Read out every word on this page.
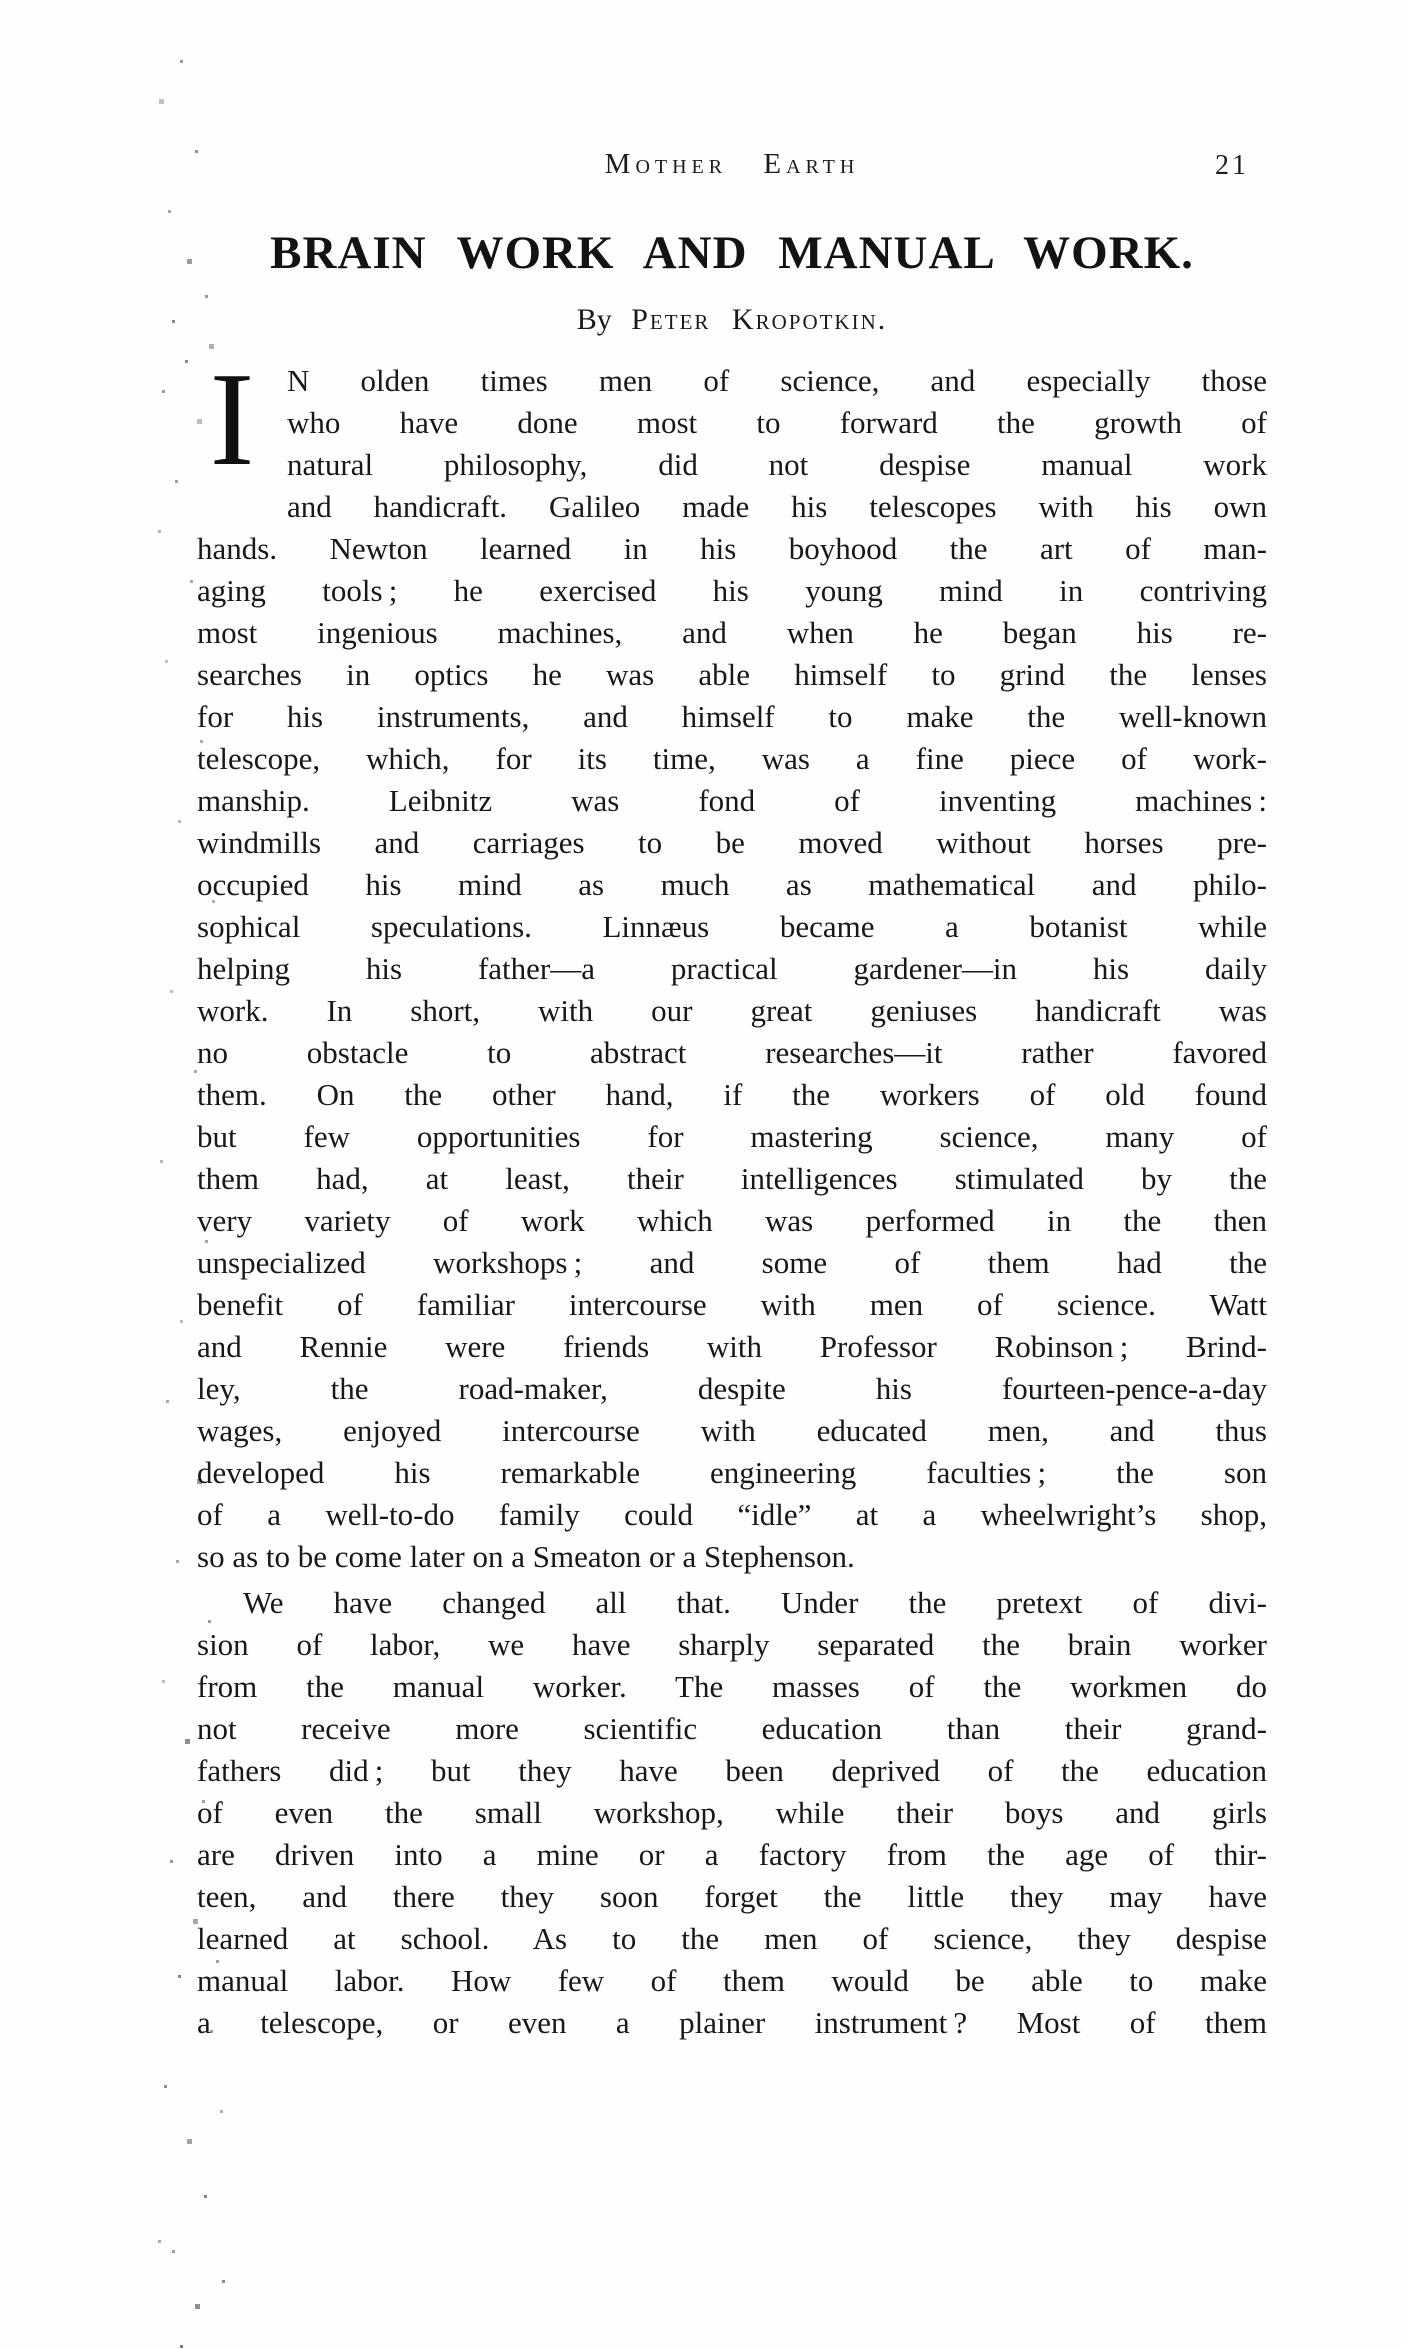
Mother Earth	21
BRAIN WORK AND MANUAL WORK.
By Peter Kropotkin.
I	N olden times men of science, and especially those
who have done most to forward the growth of
natural philosophy, did not despise manual work
and handicraft. Galileo made his telescopes with his own
hands. Newton learned in his boyhood the art of man-
aging tools ; he exercised his young mind in contriving
most ingenious machines, and when he began his re-
searches in optics he was able himself to grind the lenses
for his instruments, and himself to make the well-known
telescope, which, for its time, was a fine piece of work-
manship. Leibnitz was fond of inventing machines :
windmills and carriages to be moved without horses pre-
occupied his mind as much as mathematical and philo-
sophical speculations. Linnæus became a botanist while
helping his father—a practical gardener—in his daily
work. In short, with our great geniuses handicraft was
no obstacle to abstract researches—it rather favored
them. On the other hand, if the workers of old found
but few opportunities for mastering science, many of
them had, at least, their intelligences stimulated by the
very variety of work which was performed in the then
unspecialized workshops ; and some of them had the
benefit of familiar intercourse with men of science. Watt
and Rennie were friends with Professor Robinson ; Brind-
ley, the road-maker, despite his fourteen-pence-a-day
wages, enjoyed intercourse with educated men, and thus
developed his remarkable engineering faculties ; the son
of a well-to-do family could “idle” at a wheelwright’s shop,
so as to be come later on a Smeaton or a Stephenson.
We have changed all that. Under the pretext of divi-
sion of labor, we have sharply separated the brain worker
from the manual worker. The masses of the workmen do
not receive more scientific education than their grand-
fathers did ; but they have been deprived of the education
of even the small workshop, while their boys and girls
are driven into a mine or a factory from the age of thir-
teen, and there they soon forget the little they may have
learned at school. As to the men of science, they despise
manual labor. How few of them would be able to make
a telescope, or even a plainer instrument ? Most of them
